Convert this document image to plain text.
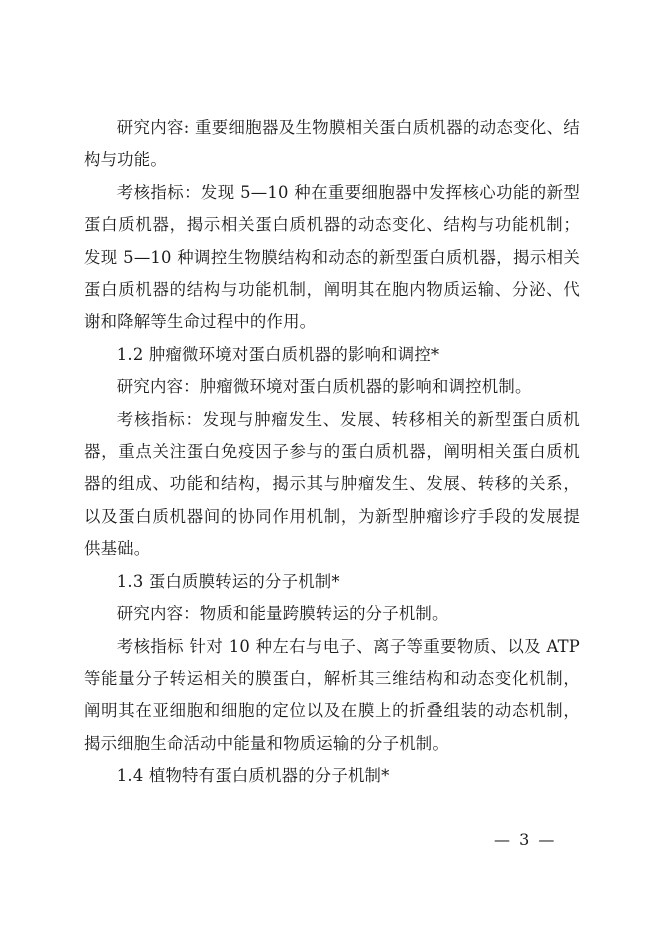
研究内容: 重要细胞器及生物膜相关蛋白质机器的动态变化、结构与功能。

考核指标：发现 5—10 种在重要细胞器中发挥核心功能的新型蛋白质机器，揭示相关蛋白质机器的动态变化、结构与功能机制；发现 5—10 种调控生物膜结构和动态的新型蛋白质机器，揭示相关蛋白质机器的结构与功能机制，阐明其在胞内物质运输、分泌、代谢和降解等生命过程中的作用。

1.2 肿瘤微环境对蛋白质机器的影响和调控*

研究内容：肿瘤微环境对蛋白质机器的影响和调控机制。

考核指标：发现与肿瘤发生、发展、转移相关的新型蛋白质机器，重点关注蛋白免疫因子参与的蛋白质机器，阐明相关蛋白质机器的组成、功能和结构，揭示其与肿瘤发生、发展、转移的关系，以及蛋白质机器间的协同作用机制，为新型肿瘤诊疗手段的发展提供基础。

1.3 蛋白质膜转运的分子机制*

研究内容：物质和能量跨膜转运的分子机制。

考核指标 针对 10 种左右与电子、离子等重要物质、以及 ATP 等能量分子转运相关的膜蛋白，解析其三维结构和动态变化机制，阐明其在亚细胞和细胞的定位以及在膜上的折叠组装的动态机制，揭示细胞生命活动中能量和物质运输的分子机制。

1.4 植物特有蛋白质机器的分子机制*

— 3 —
